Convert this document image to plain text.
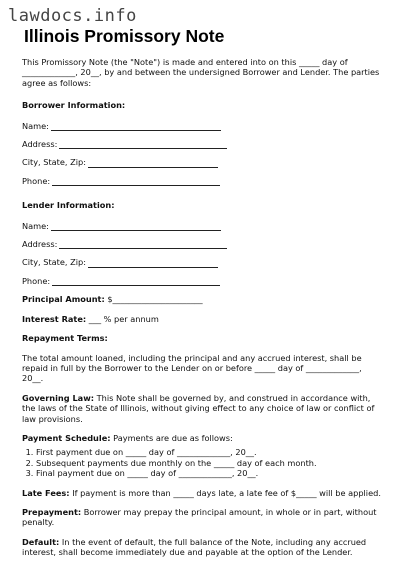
lawdocs.info
Illinois Promissory Note

This Promissory Note (the "Note") is made and entered into on this _____ day of _____________, 20__, by and between the undersigned Borrower and Lender. The parties agree as follows:

Borrower Information:

Name:

Address:

City, State, Zip:

Phone:

Lender Information:

Name:

Address:

City, State, Zip:

Phone:

Principal Amount: $______________________

Interest Rate: ___ % per annum

Repayment Terms:

The total amount loaned, including the principal and any accrued interest, shall be repaid in full by the Borrower to the Lender on or before _____ day of _____________, 20__.

Governing Law: This Note shall be governed by, and construed in accordance with, the laws of the State of Illinois, without giving effect to any choice of law or conflict of law provisions.

Payment Schedule: Payments are due as follows:

1. First payment due on _____ day of _____________, 20__.
2. Subsequent payments due monthly on the _____ day of each month.
3. Final payment due on _____ day of _____________, 20__.

Late Fees: If payment is more than _____ days late, a late fee of $_____ will be applied.

Prepayment: Borrower may prepay the principal amount, in whole or in part, without penalty.

Default: In the event of default, the full balance of the Note, including any accrued interest, shall become immediately due and payable at the option of the Lender.
